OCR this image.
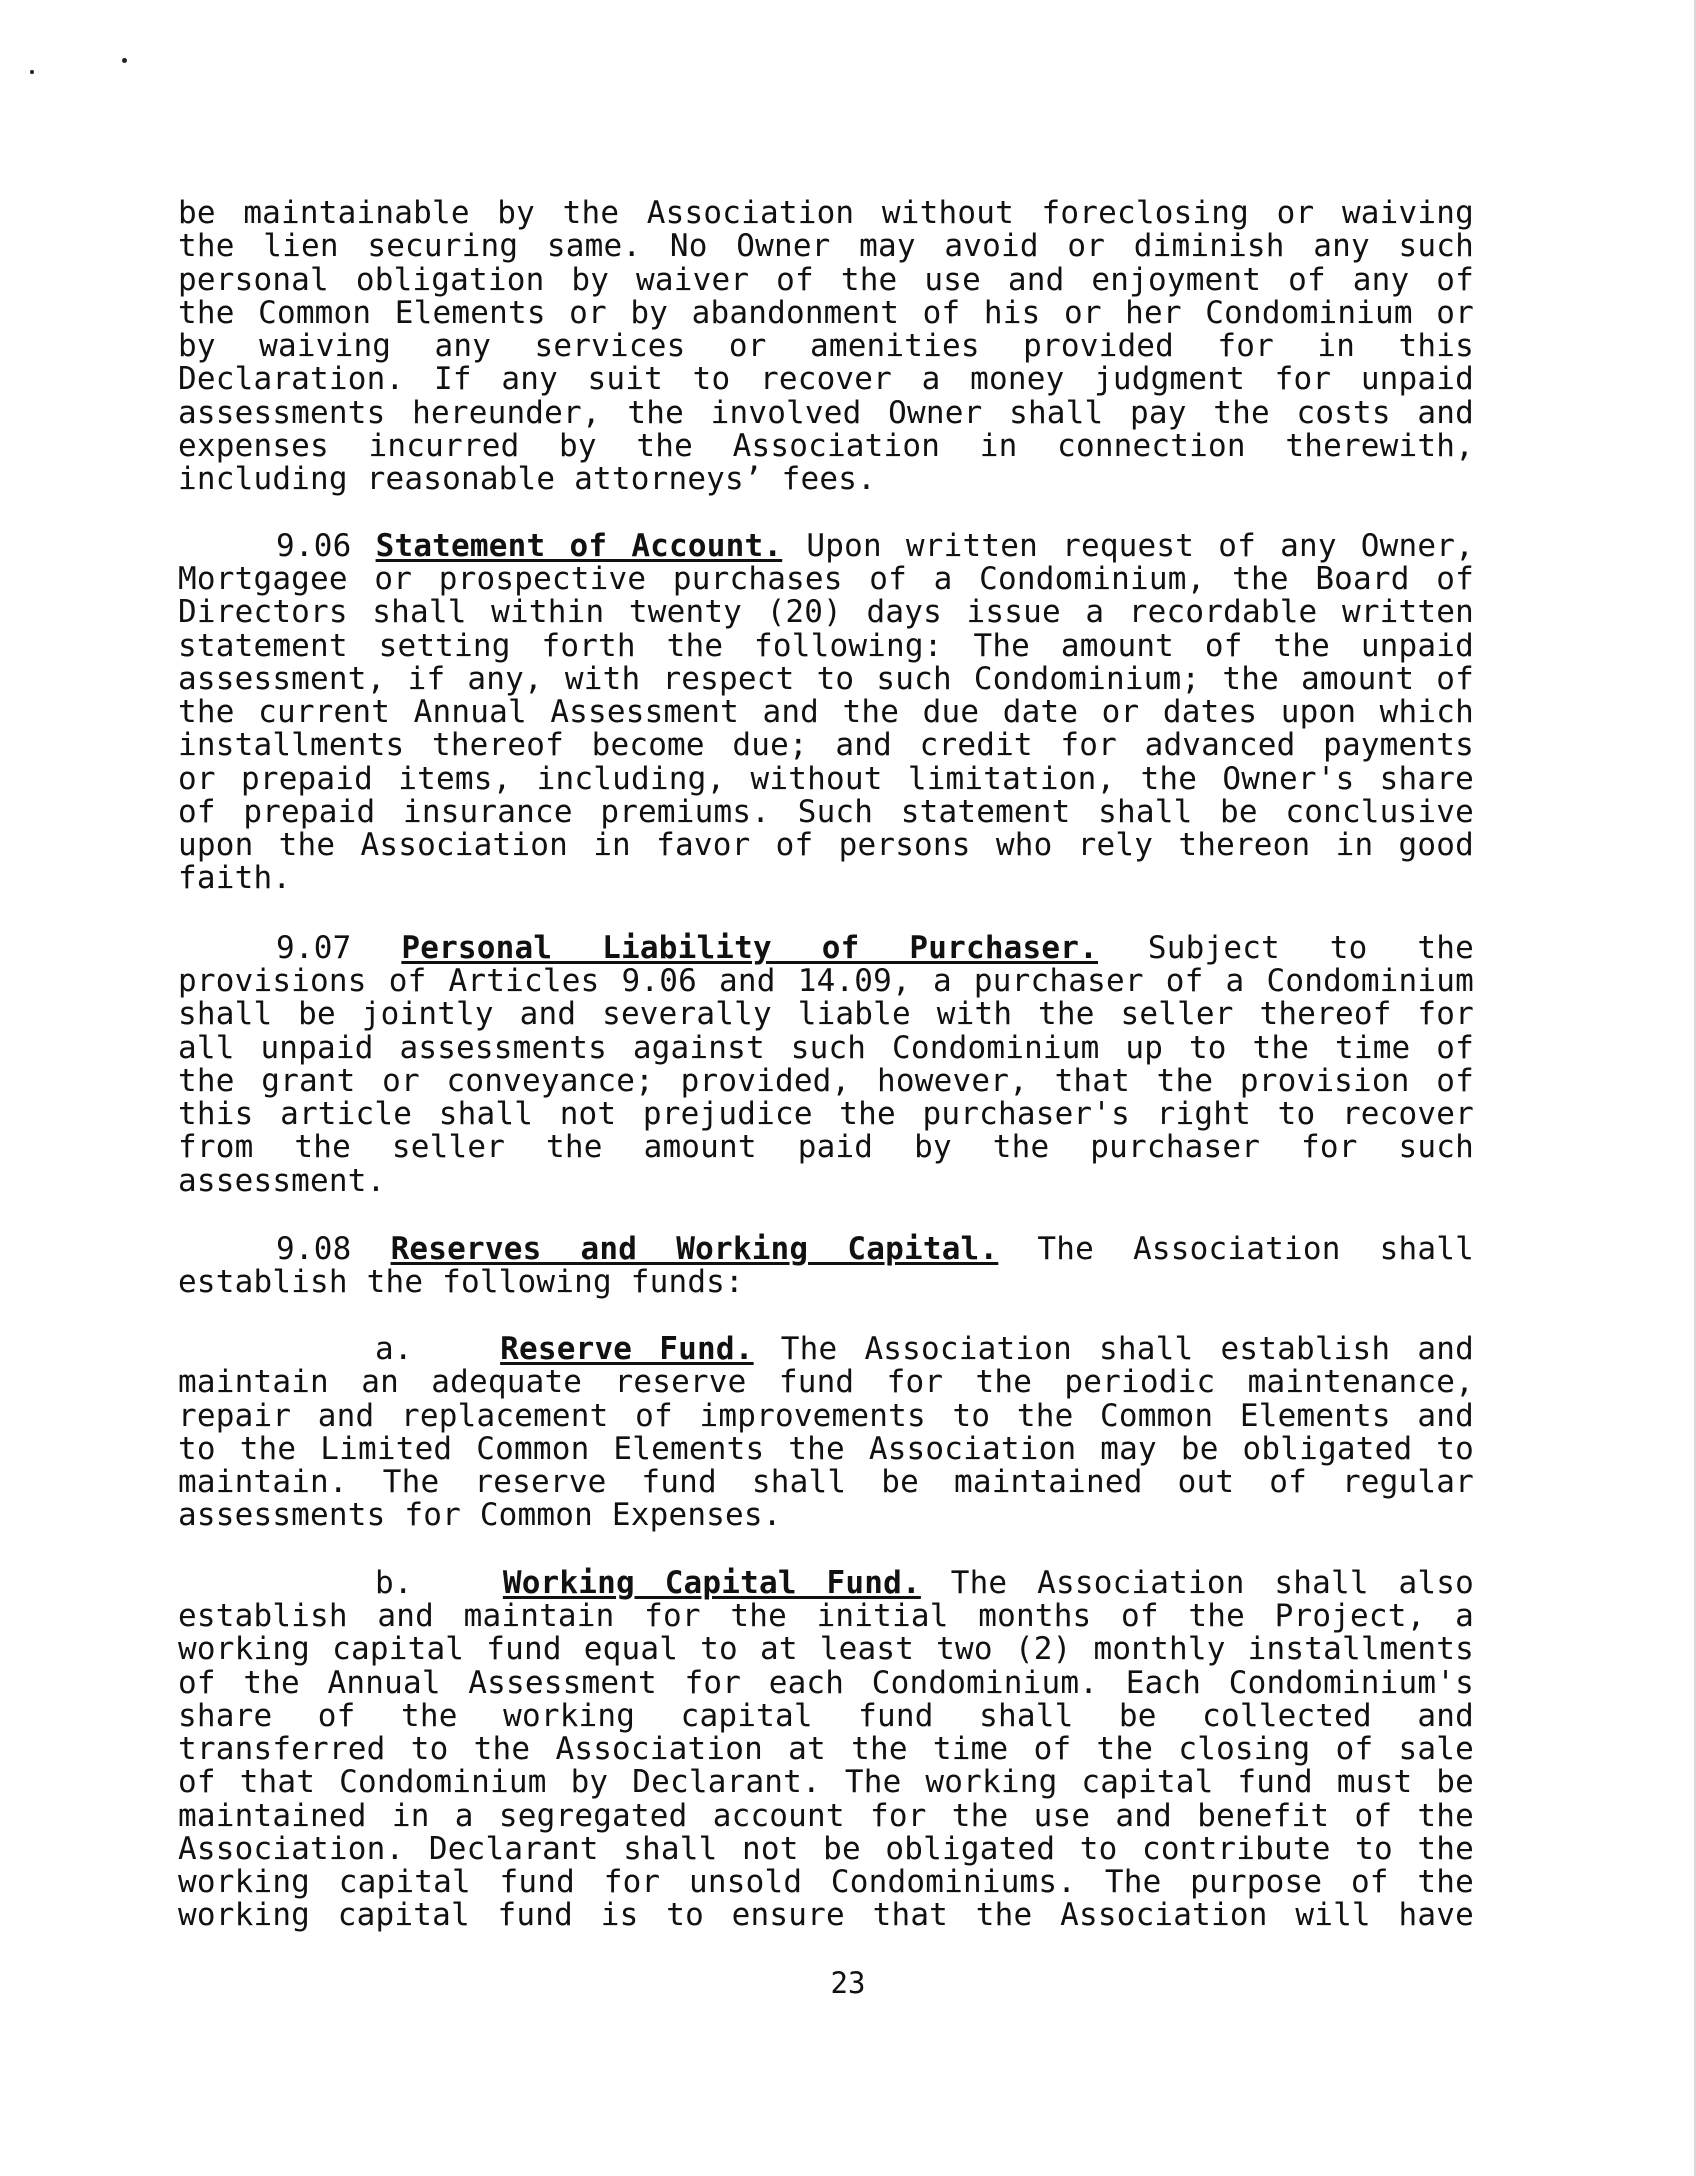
be maintainable by the Association without foreclosing or waiving
the lien securing same. No Owner may avoid or diminish any such
personal obligation by waiver of the use and enjoyment of any of
the Common Elements or by abandonment of his or her Condominium or
by waiving any services or amenities provided for in this
Declaration. If any suit to recover a money judgment for unpaid
assessments hereunder, the involved Owner shall pay the costs and
expenses incurred by the Association in connection therewith,
including reasonable attorneys’ fees.
9.06 Statement of Account. Upon written request of any Owner,
Mortgagee or prospective purchases of a Condominium, the Board of
Directors shall within twenty (20) days issue a recordable written
statement setting forth the following: The amount of the unpaid
assessment, if any, with respect to such Condominium; the amount of
the current Annual Assessment and the due date or dates upon which
installments thereof become due; and credit for advanced payments
or prepaid items, including, without limitation, the Owner's share
of prepaid insurance premiums. Such statement shall be conclusive
upon the Association in favor of persons who rely thereon in good
faith.
9.07 Personal Liability of Purchaser. Subject to the
provisions of Articles 9.06 and 14.09, a purchaser of a Condominium
shall be jointly and severally liable with the seller thereof for
all unpaid assessments against such Condominium up to the time of
the grant or conveyance; provided, however, that the provision of
this article shall not prejudice the purchaser's right to recover
from the seller the amount paid by the purchaser for such
assessment.
9.08 Reserves and Working Capital. The Association shall
establish the following funds:
a.	Reserve Fund. The Association shall establish and
maintain an adequate reserve fund for the periodic maintenance,
repair and replacement of improvements to the Common Elements and
to the Limited Common Elements the Association may be obligated to
maintain. The reserve fund shall be maintained out of regular
assessments for Common Expenses.
b.	Working Capital Fund. The Association shall also
establish and maintain for the initial months of the Project, a
working capital fund equal to at least two (2) monthly installments
of the Annual Assessment for each Condominium. Each Condominium's
share of the working capital fund shall be collected and
transferred to the Association at the time of the closing of sale
of that Condominium by Declarant. The working capital fund must be
maintained in a segregated account for the use and benefit of the
Association. Declarant shall not be obligated to contribute to the
working capital fund for unsold Condominiums. The purpose of the
working capital fund is to ensure that the Association will have
23
